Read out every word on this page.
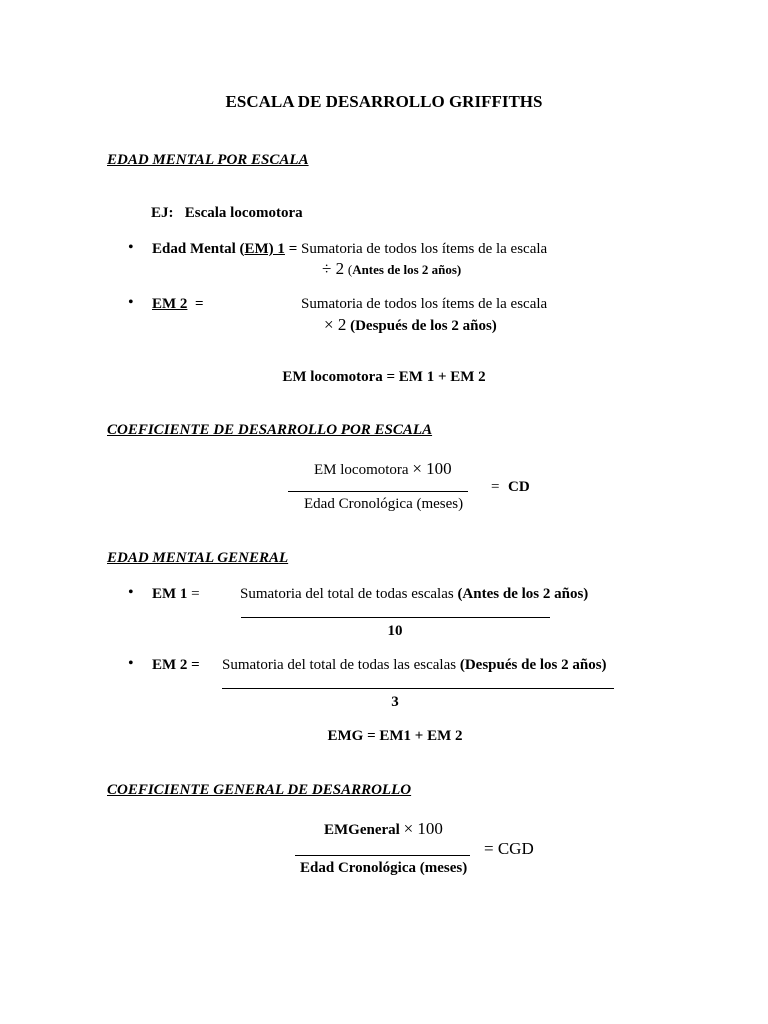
ESCALA DE DESARROLLO GRIFFITHS
EDAD MENTAL POR ESCALA
EJ: Escala locomotora
• Edad Mental (EM) 1 = Sumatoria de todos los ítems de la escala
÷ 2 (Antes de los 2 años)
• EM 2 =	Sumatoria de todos los ítems de la escala
× 2 (Después de los 2 años)
EM locomotora = EM 1 + EM 2
COEFICIENTE DE DESARROLLO POR ESCALA
EM locomotora × 100
Edad Cronológica (meses)
= CD
EDAD MENTAL GENERAL
• EM 1 =	Sumatoria del total de todas escalas (Antes de los 2 años)
10
• EM 2 = Sumatoria del total de todas las escalas (Después de los 2 años)
3
EMG = EM1 + EM 2
COEFICIENTE GENERAL DE DESARROLLO
EMGeneral × 100
Edad Cronológica (meses)
= CGD
